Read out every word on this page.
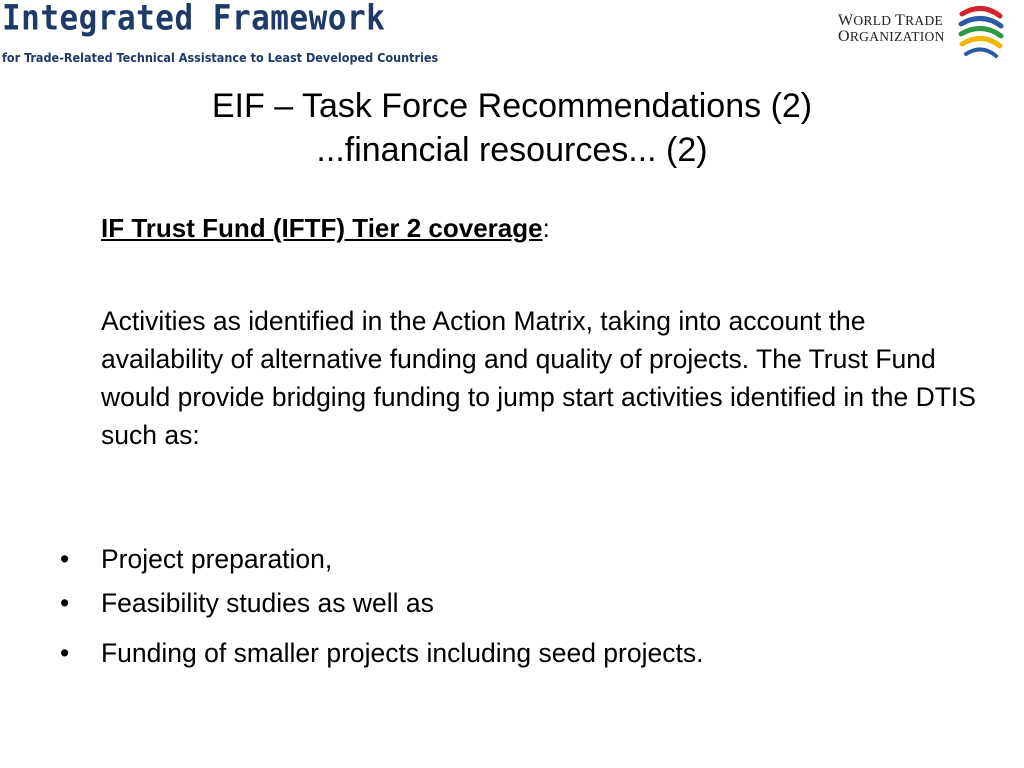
Integrated Framework
for Trade-Related Technical Assistance to Least Developed Countries
WORLD TRADE
ORGANIZATION
EIF – Task Force Recommendations (2)
...financial resources... (2)
IF Trust Fund (IFTF) Tier 2 coverage:
Activities as identified in the Action Matrix, taking into account the availability of alternative funding and quality of projects. The Trust Fund would provide bridging funding to jump start activities identified in the DTIS such as:
• Project preparation,
• Feasibility studies as well as
• Funding of smaller projects including seed projects.
